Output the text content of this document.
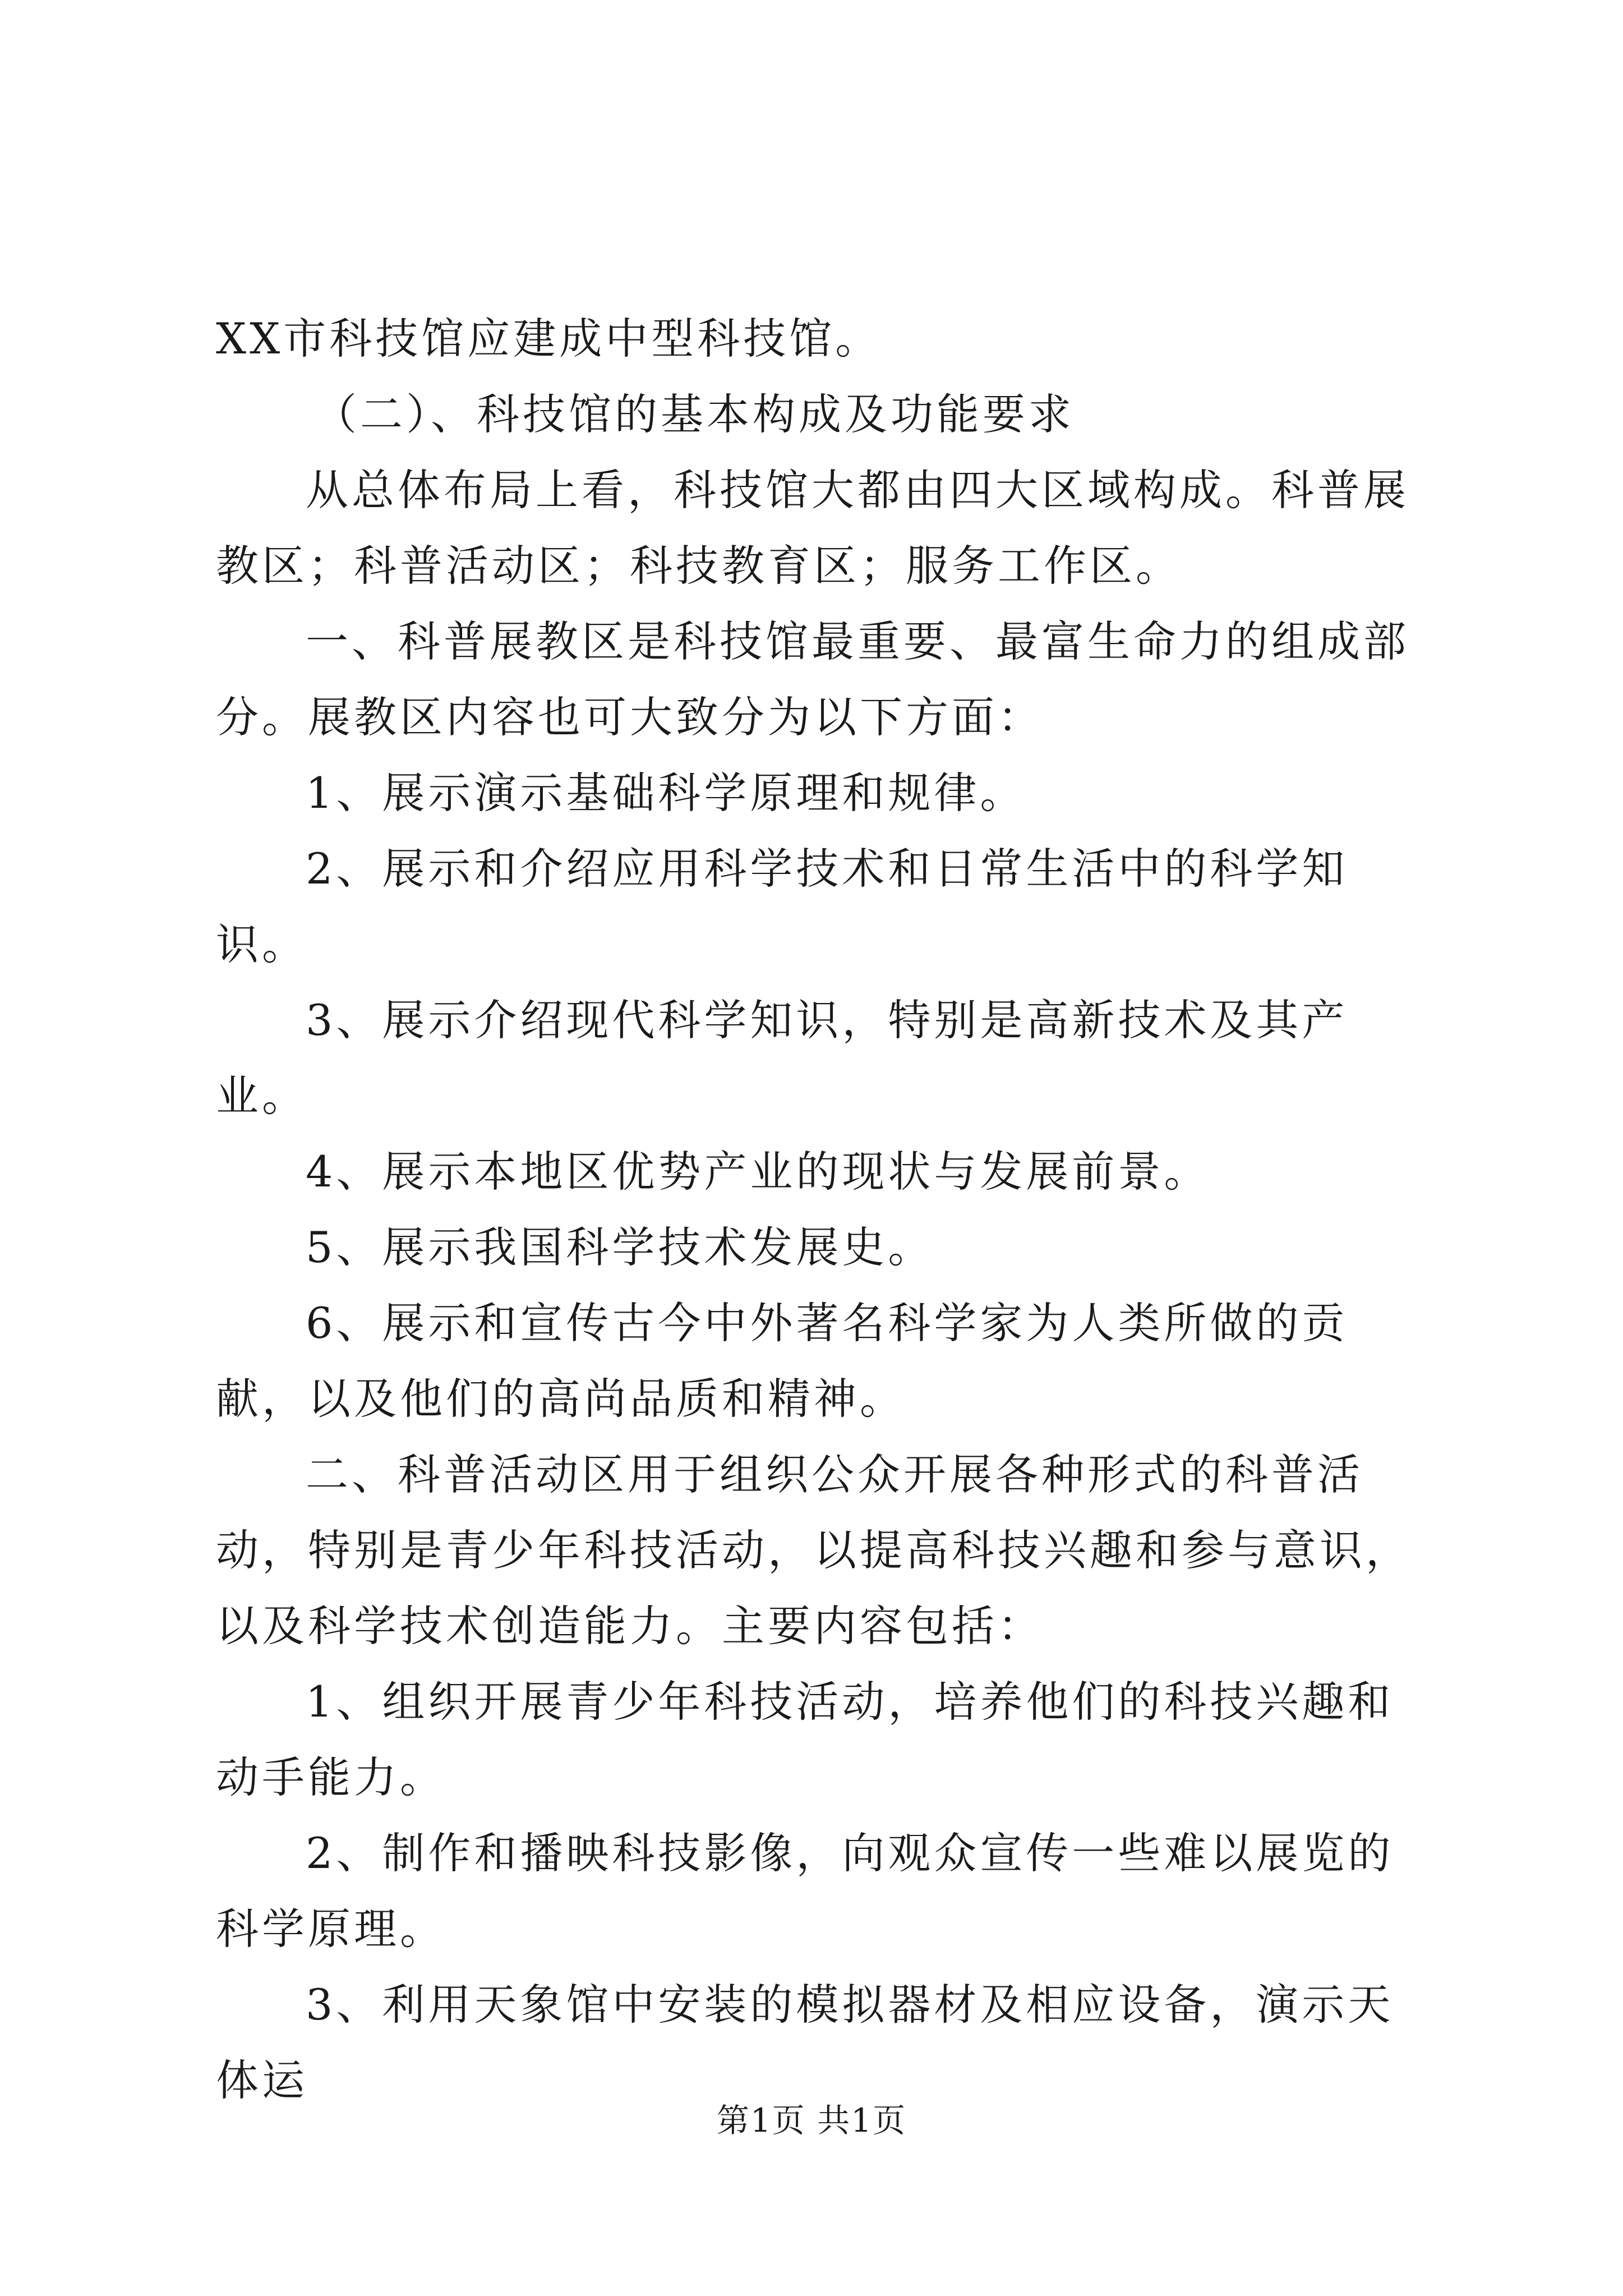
XX市科技馆应建成中型科技馆。

（二）、科技馆的基本构成及功能要求

从总体布局上看，科技馆大都由四大区域构成。科普展教区；科普活动区；科技教育区；服务工作区。

一、科普展教区是科技馆最重要、最富生命力的组成部分。展教区内容也可大致分为以下方面：

1、展示演示基础科学原理和规律。

2、展示和介绍应用科学技术和日常生活中的科学知识。

3、展示介绍现代科学知识，特别是高新技术及其产业。

4、展示本地区优势产业的现状与发展前景。

5、展示我国科学技术发展史。

6、展示和宣传古今中外著名科学家为人类所做的贡献，以及他们的高尚品质和精神。

二、科普活动区用于组织公众开展各种形式的科普活动，特别是青少年科技活动，以提高科技兴趣和参与意识，以及科学技术创造能力。主要内容包括：

1、组织开展青少年科技活动，培养他们的科技兴趣和动手能力。

2、制作和播映科技影像，向观众宣传一些难以展览的科学原理。

3、利用天象馆中安装的模拟器材及相应设备，演示天体运

第1页 共1页
